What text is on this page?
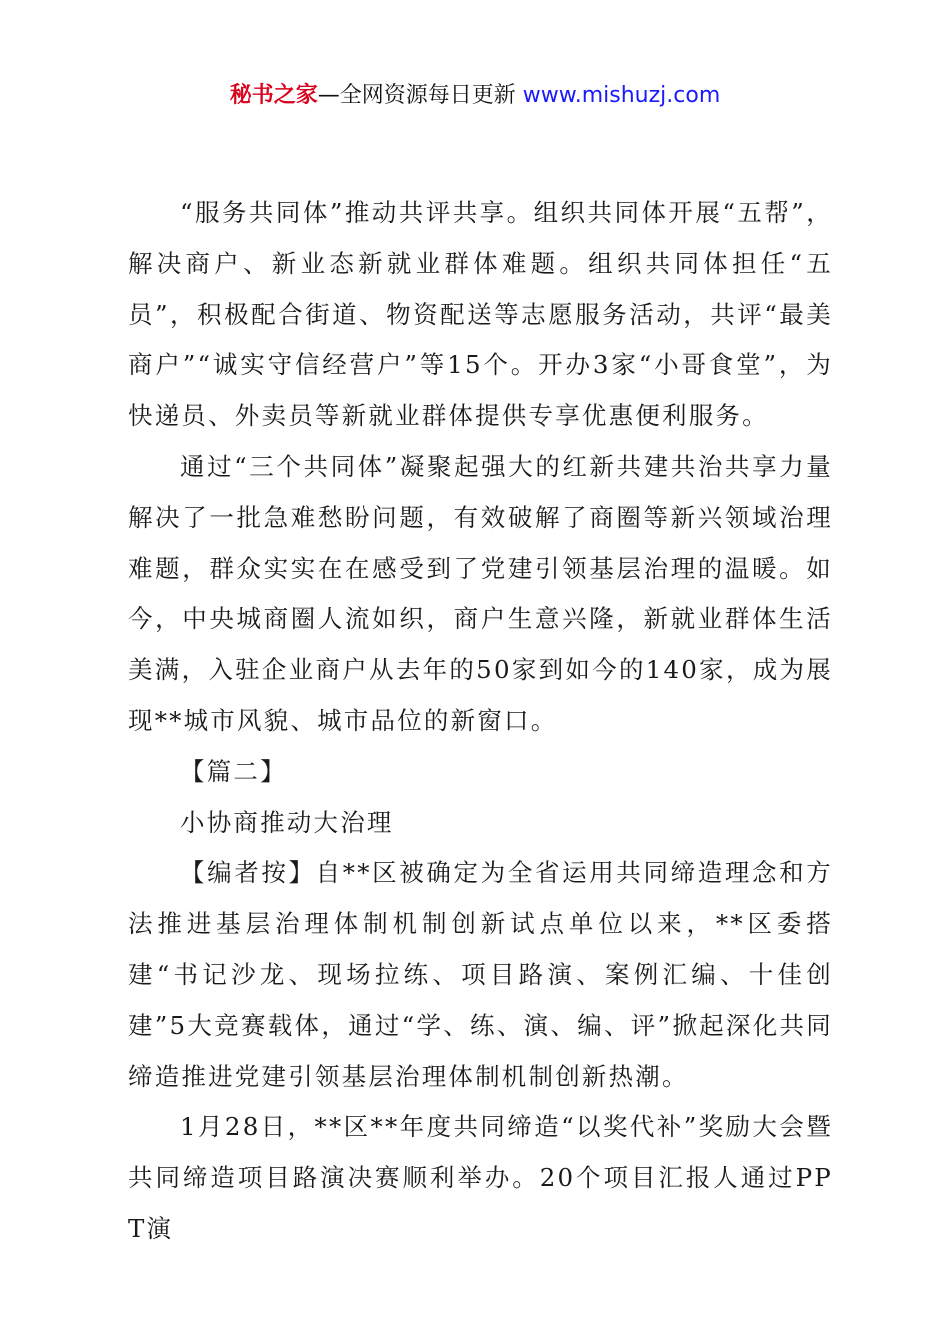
秘书之家—全网资源每日更新 www.mishuzj.com

“服务共同体”推动共评共享。组织共同体开展“五帮”，解决商户、新业态新就业群体难题。组织共同体担任“五员”，积极配合街道、物资配送等志愿服务活动，共评“最美商户”“诚实守信经营户”等15个。开办3家“小哥食堂”，为快递员、外卖员等新就业群体提供专享优惠便利服务。

通过“三个共同体”凝聚起强大的红新共建共治共享力量解决了一批急难愁盼问题，有效破解了商圈等新兴领域治理难题，群众实实在在感受到了党建引领基层治理的温暖。如今，中央城商圈人流如织，商户生意兴隆，新就业群体生活美满，入驻企业商户从去年的50家到如今的140家，成为展现**城市风貌、城市品位的新窗口。

【篇二】

小协商推动大治理

【编者按】自**区被确定为全省运用共同缔造理念和方法推进基层治理体制机制创新试点单位以来，**区委搭建“书记沙龙、现场拉练、项目路演、案例汇编、十佳创建”5大竞赛载体，通过“学、练、演、编、评”掀起深化共同缔造推进党建引领基层治理体制机制创新热潮。

1月28日，**区**年度共同缔造“以奖代补”奖励大会暨共同缔造项目路演决赛顺利举办。20个项目汇报人通过PPT演
